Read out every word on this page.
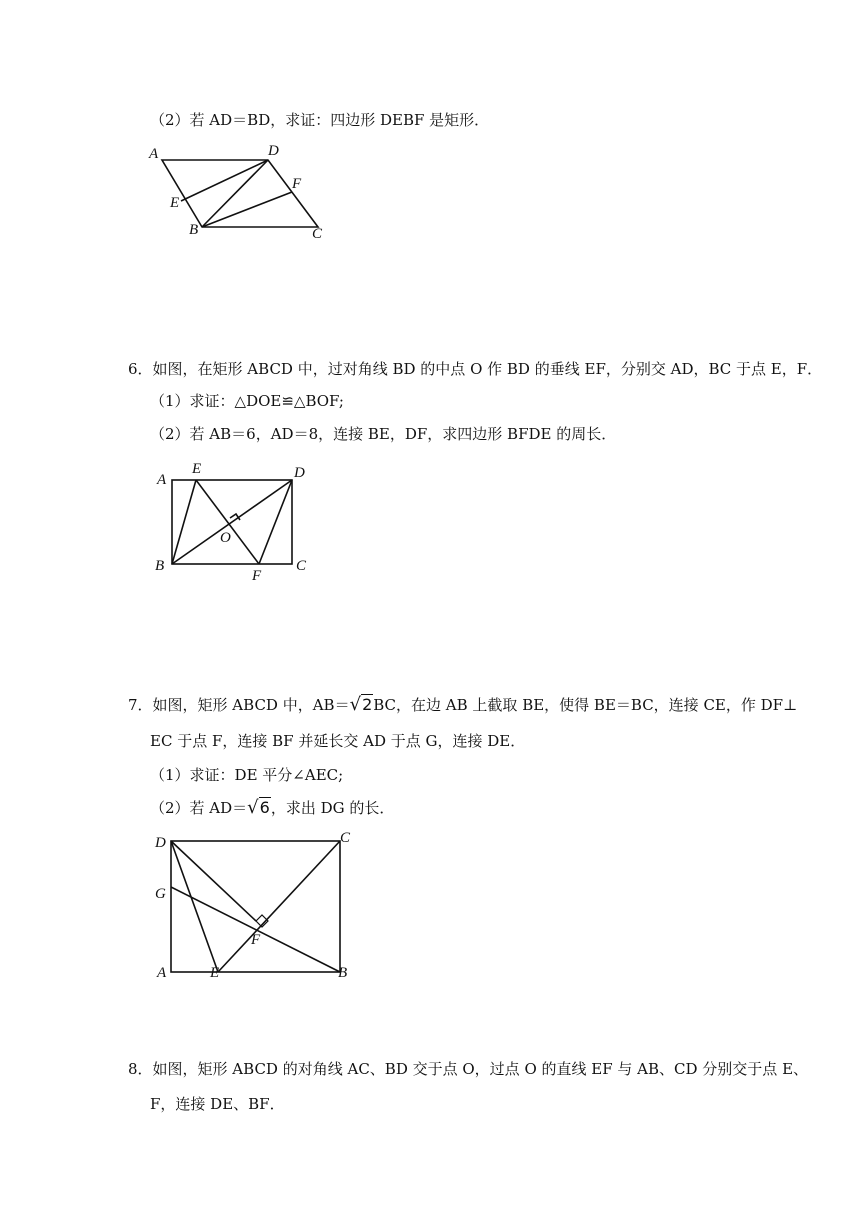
（2）若 AD＝BD，求证：四边形 DEBF 是矩形．
A	D
F
E
B	C
6．如图，在矩形 ABCD 中，过对角线 BD 的中点 O 作 BD 的垂线 EF，分别交 AD，BC 于点 E，F．
（1）求证：△DOE≌△BOF;
（2）若 AB＝6，AD＝8，连接 BE，DF，求四边形 BFDE 的周长．
A
E	D
O
B
F
C
7．如图，矩形 ABCD 中，AB＝√2BC，在边 AB 上截取 BE，使得 BE＝BC，连接 CE，作 DF⊥
EC 于点 F，连接 BF 并延长交 AD 于点 G，连接 DE．
（1）求证：DE 平分∠AEC;
（2）若 AD＝√6，求出 DG 的长．
D	C
G
F
A	E	B
8．如图，矩形 ABCD 的对角线 AC、BD 交于点 O，过点 O 的直线 EF 与 AB、CD 分别交于点 E、
F，连接 DE、BF．
